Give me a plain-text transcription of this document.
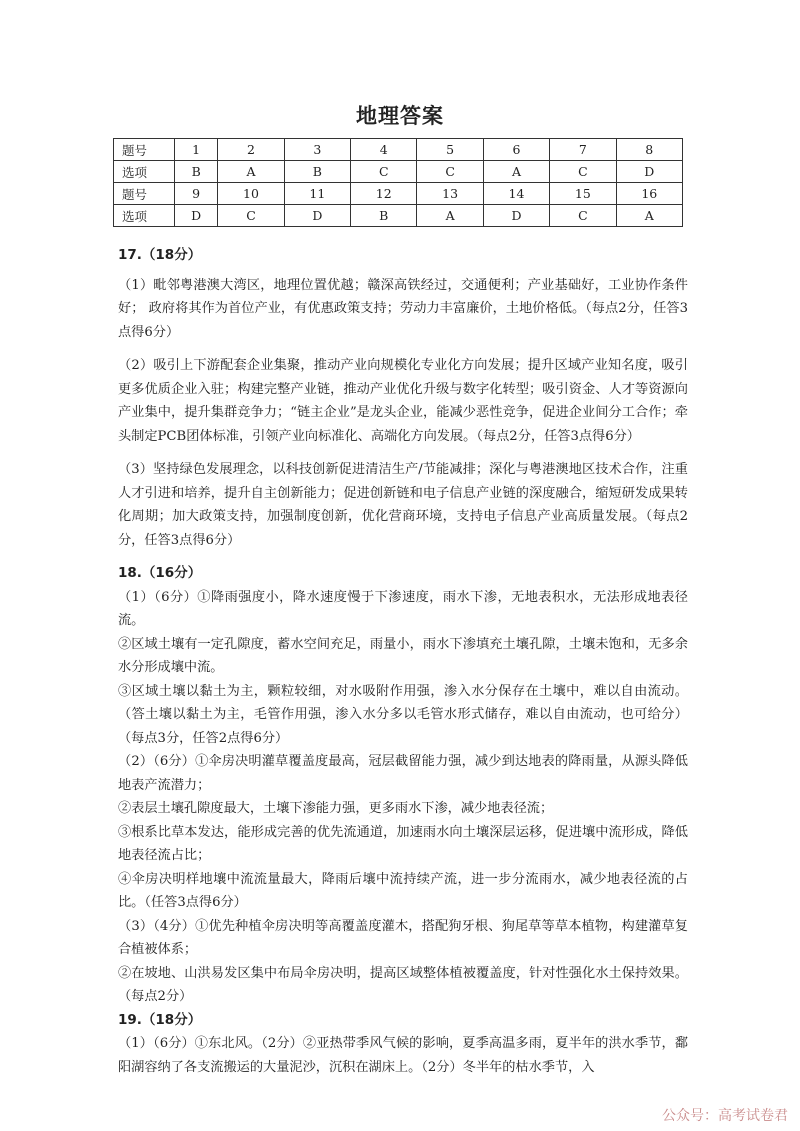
地理答案
题号	1	2	3	4	5	6	7	8
选项	B	A	B	C	C	A	C	D
题号	9	10	11	12	13	14	15	16
选项	D	C	D	B	A	D	C	A
17.（18分）

（1）毗邻粤港澳大湾区，地理位置优越；赣深高铁经过，交通便利；产业基础好，工业协作条件好； 政府将其作为首位产业，有优惠政策支持；劳动力丰富廉价，土地价格低。（每点2分，任答3点得6分）

（2）吸引上下游配套企业集聚，推动产业向规模化专业化方向发展；提升区域产业知名度，吸引更多优质企业入驻；构建完整产业链，推动产业优化升级与数字化转型；吸引资金、人才等资源向产业集中，提升集群竞争力；“链主企业”是龙头企业，能减少恶性竞争，促进企业间分工合作；牵头制定PCB团体标准，引领产业向标准化、高端化方向发展。（每点2分，任答3点得6分）

（3）坚持绿色发展理念，以科技创新促进清洁生产/节能减排；深化与粤港澳地区技术合作，注重人才引进和培养，提升自主创新能力；促进创新链和电子信息产业链的深度融合，缩短研发成果转化周期；加大政策支持，加强制度创新，优化营商环境，支持电子信息产业高质量发展。（每点2分，任答3点得6分）

18.（16分）

（1）（6分）①降雨强度小，降水速度慢于下渗速度，雨水下渗，无地表积水，无法形成地表径流。

②区域土壤有一定孔隙度，蓄水空间充足，雨量小，雨水下渗填充土壤孔隙，土壤未饱和，无多余水分形成壤中流。

③区域土壤以黏土为主，颗粒较细，对水吸附作用强，渗入水分保存在土壤中，难以自由流动。（答土壤以黏土为主，毛管作用强，渗入水分多以毛管水形式储存，难以自由流动，也可给分）（每点3分，任答2点得6分）

（2）（6分）①伞房决明灌草覆盖度最高，冠层截留能力强，减少到达地表的降雨量，从源头降低地表产流潜力；

②表层土壤孔隙度最大，土壤下渗能力强，更多雨水下渗，减少地表径流；

③根系比草本发达，能形成完善的优先流通道，加速雨水向土壤深层运移，促进壤中流形成，降低地表径流占比；

④伞房决明样地壤中流流量最大，降雨后壤中流持续产流，进一步分流雨水，减少地表径流的占比。（任答3点得6分）

（3）（4分）①优先种植伞房决明等高覆盖度灌木，搭配狗牙根、狗尾草等草本植物，构建灌草复合植被体系；

②在坡地、山洪易发区集中布局伞房决明，提高区域整体植被覆盖度，针对性强化水土保持效果。（每点2分）

19.（18分）

（1）（6分）①东北风。（2分）②亚热带季风气候的影响，夏季高温多雨，夏半年的洪水季节，鄱阳湖容纳了各支流搬运的大量泥沙，沉积在湖床上。（2分）冬半年的枯水季节，入

公众号：高考试卷君
